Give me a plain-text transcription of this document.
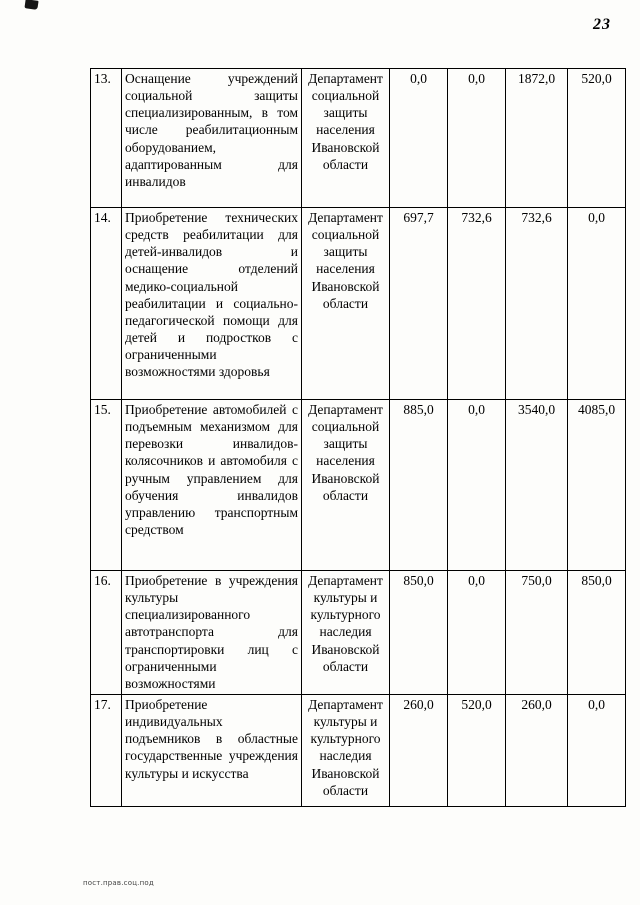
23
13.	Оснащение учреждений социальной защиты специализированным, в том числе реабилитационным оборудованием, адаптированным для инвалидов	Департамент социальной защиты населения Ивановской области	0,0	0,0	1872,0	520,0
14.	Приобретение технических средств реабилитации для детей-инвалидов и оснащение отделений медико-социальной реабилитации и социально-педагогической помощи для детей и подростков с ограниченными возможностями здоровья	Департамент социальной защиты населения Ивановской области	697,7	732,6	732,6	0,0
15.	Приобретение автомобилей с подъемным механизмом для перевозки инвалидов-колясочников и автомобиля с ручным управлением для обучения инвалидов управлению транспортным средством	Департамент социальной защиты населения Ивановской области	885,0	0,0	3540,0	4085,0
16.	Приобретение в учреждения культуры специализированного автотранспорта для транспортировки лиц с ограниченными возможностями	Департамент культуры и культурного наследия Ивановской области	850,0	0,0	750,0	850,0
17.	Приобретение индивидуальных подъемников в областные государственные учреждения культуры и искусства	Департамент культуры и культурного наследия Ивановской области	260,0	520,0	260,0	0,0
пост.прав.соц.под
